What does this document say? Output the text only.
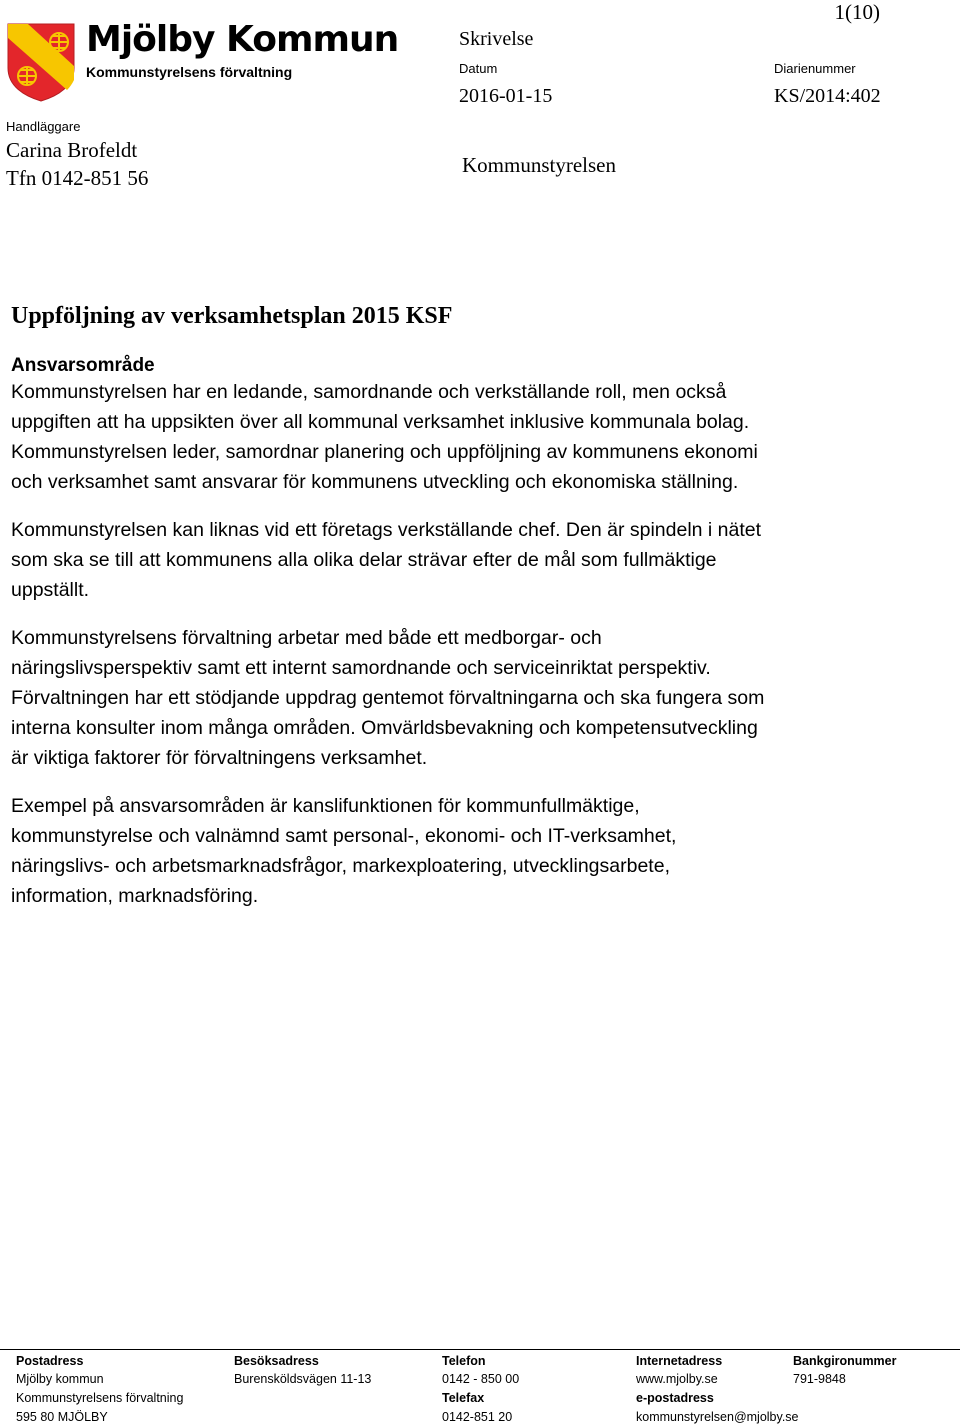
Mjölby Kommun
Kommunstyrelsens förvaltning
1(10)
Skrivelse
Datum
2016-01-15
Diarienummer
KS/2014:402
Handläggare
Carina Brofeldt
Tfn 0142-851 56
Kommunstyrelsen
Uppföljning av verksamhetsplan 2015 KSF
Ansvarsområde
Kommunstyrelsen har en ledande, samordnande och verkställande roll, men också
uppgiften att ha uppsikten över all kommunal verksamhet inklusive kommunala bolag.
Kommunstyrelsen leder, samordnar planering och uppföljning av kommunens ekonomi
och verksamhet samt ansvarar för kommunens utveckling och ekonomiska ställning.
Kommunstyrelsen kan liknas vid ett företags verkställande chef. Den är spindeln i nätet
som ska se till att kommunens alla olika delar strävar efter de mål som fullmäktige
uppställt.
Kommunstyrelsens förvaltning arbetar med både ett medborgar- och
näringslivsperspektiv samt ett internt samordnande och serviceinriktat perspektiv.
Förvaltningen har ett stödjande uppdrag gentemot förvaltningarna och ska fungera som
interna konsulter inom många områden. Omvärldsbevakning och kompetensutveckling
är viktiga faktorer för förvaltningens verksamhet.
Exempel på ansvarsområden är kanslifunktionen för kommunfullmäktige,
kommunstyrelse och valnämnd samt personal-, ekonomi- och IT-verksamhet,
näringslivs- och arbetsmarknadsfrågor, markexploatering, utvecklingsarbete,
information, marknadsföring.
Postadress
Mjölby kommun
Kommunstyrelsens förvaltning
595 80 MJÖLBY
Besöksadress
Burensköldsvägen 11-13
Telefon
0142 - 850 00
Telefax
0142-851 20
Internetadress
www.mjolby.se
e-postadress
kommunstyrelsen@mjolby.se
Bankgironummer
791-9848
